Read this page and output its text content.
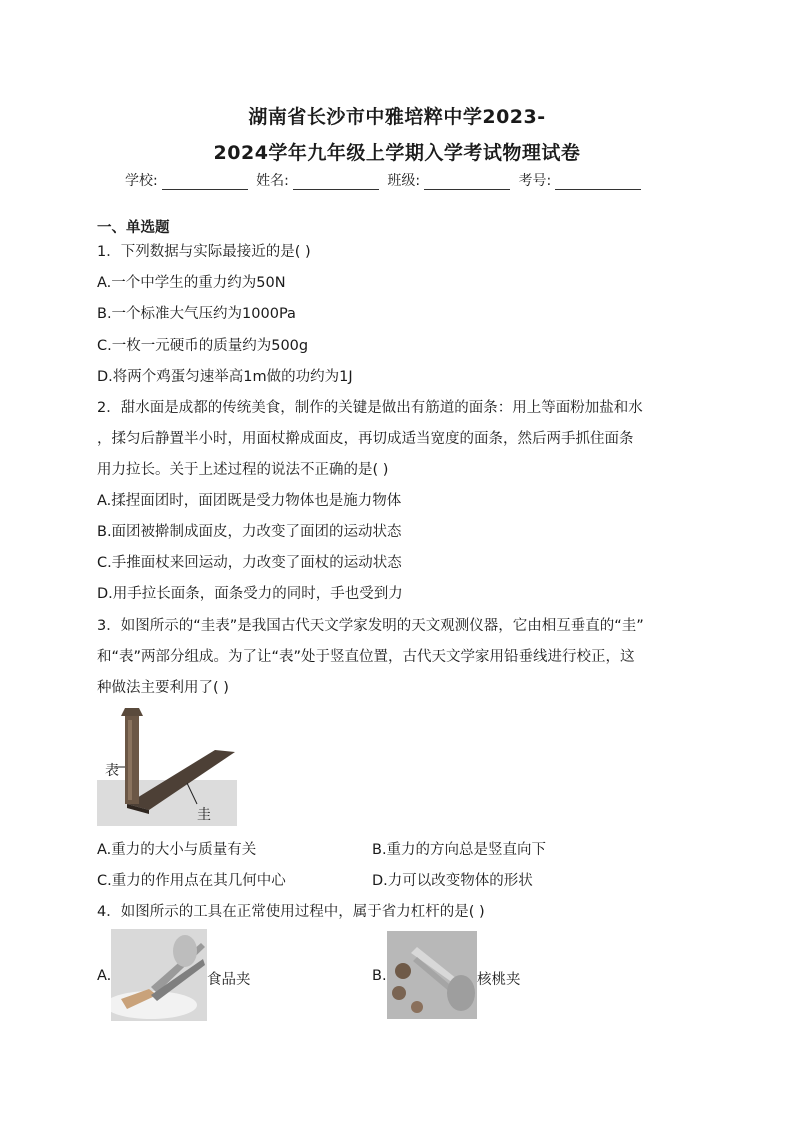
湖南省长沙市中雅培粹中学2023-
2024学年九年级上学期入学考试物理试卷
学校:	姓名:	班级:	考号:
一、单选题
1．下列数据与实际最接近的是( )
A.一个中学生的重力约为50N
B.一个标准大气压约为1000Pa
C.一枚一元硬币的质量约为500g
D.将两个鸡蛋匀速举高1m做的功约为1J
2．甜水面是成都的传统美食，制作的关键是做出有筋道的面条：用上等面粉加盐和水
，揉匀后静置半小时，用面杖擀成面皮，再切成适当宽度的面条，然后两手抓住面条
用力拉长。关于上述过程的说法不正确的是( )
A.揉捏面团时，面团既是受力物体也是施力物体
B.面团被擀制成面皮，力改变了面团的运动状态
C.手推面杖来回运动，力改变了面杖的运动状态
D.用手拉长面条，面条受力的同时，手也受到力
3．如图所示的“圭表”是我国古代天文学家发明的天文观测仪器，它由相互垂直的“圭”
和“表”两部分组成。为了让“表”处于竖直位置，古代天文学家用铅垂线进行校正，这
种做法主要利用了( )
表
圭
A.重力的大小与质量有关	B.重力的方向总是竖直向下
C.重力的作用点在其几何中心	D.力可以改变物体的形状
4．如图所示的工具在正常使用过程中，属于省力杠杆的是( )
A.	食品夹	B.	核桃夹
